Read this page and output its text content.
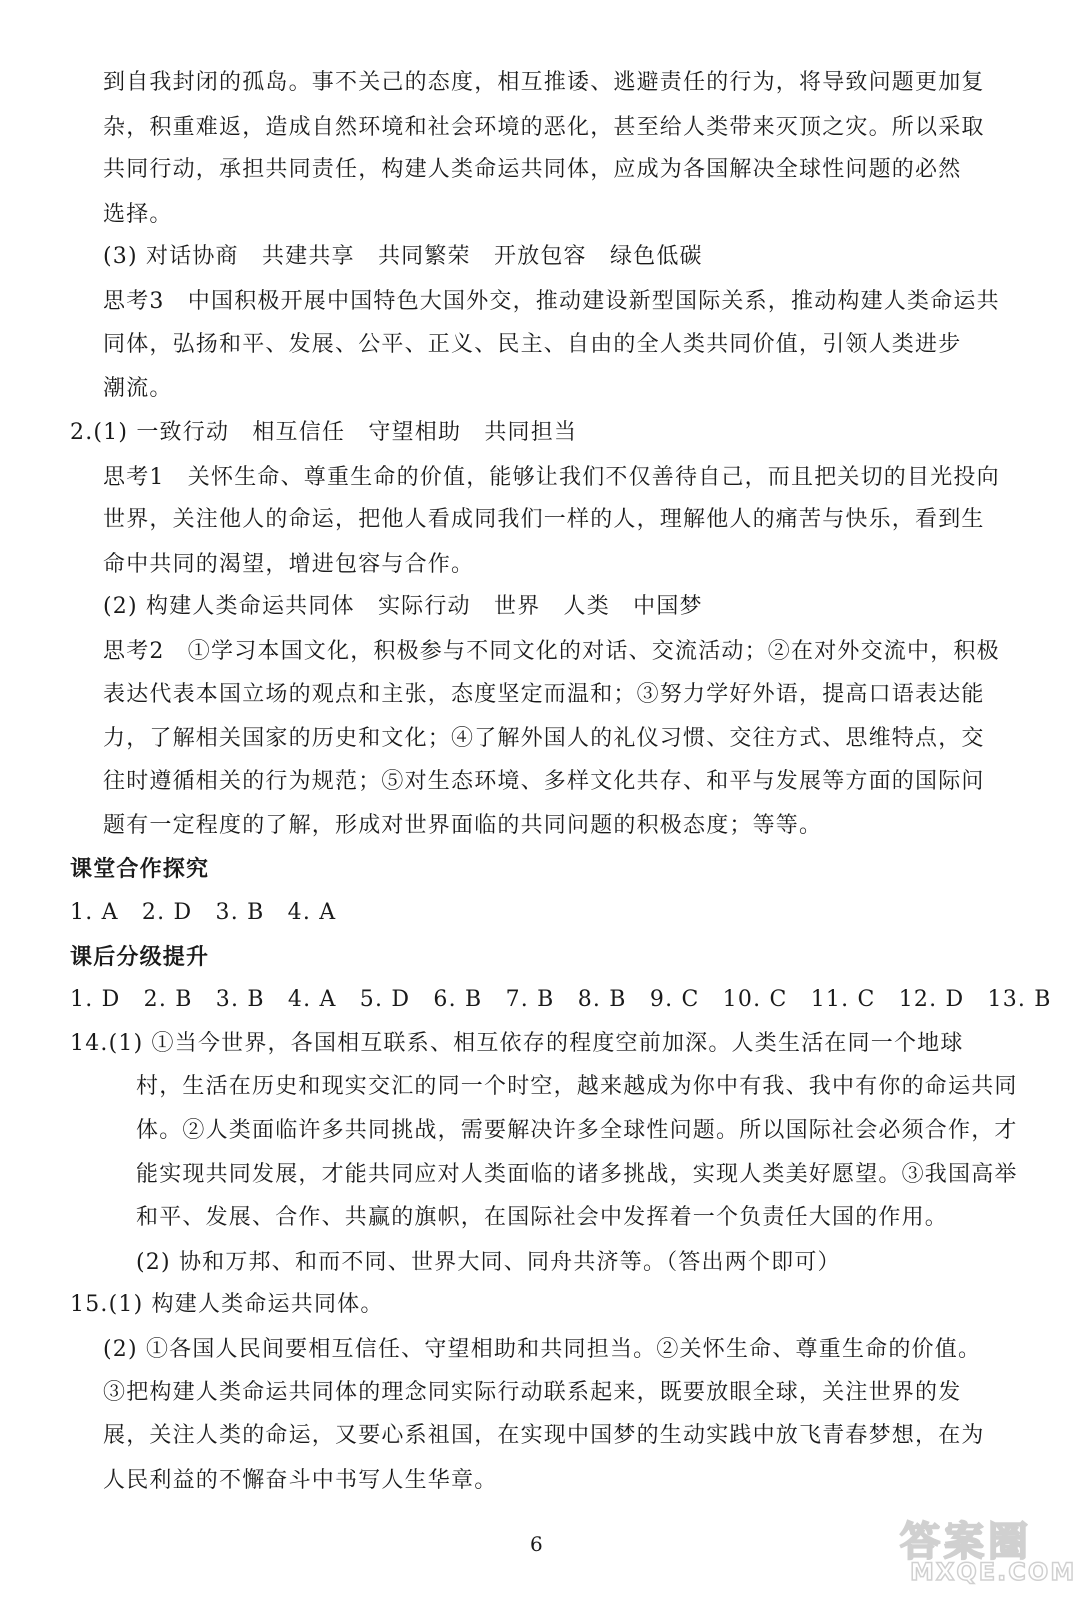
到自我封闭的孤岛。事不关己的态度，相互推诿、逃避责任的行为，将导致问题更加复
杂，积重难返，造成自然环境和社会环境的恶化，甚至给人类带来灭顶之灾。所以采取
共同行动，承担共同责任，构建人类命运共同体，应成为各国解决全球性问题的必然
选择。
(3) 对话协商　共建共享　共同繁荣　开放包容　绿色低碳
思考3　中国积极开展中国特色大国外交，推动建设新型国际关系，推动构建人类命运共
同体，弘扬和平、发展、公平、正义、民主、自由的全人类共同价值，引领人类进步
潮流。
2.(1) 一致行动　相互信任　守望相助　共同担当
思考1　关怀生命、尊重生命的价值，能够让我们不仅善待自己，而且把关切的目光投向
世界，关注他人的命运，把他人看成同我们一样的人，理解他人的痛苦与快乐，看到生
命中共同的渴望，增进包容与合作。
(2) 构建人类命运共同体　实际行动　世界　人类　中国梦
思考2　①学习本国文化，积极参与不同文化的对话、交流活动；②在对外交流中，积极
表达代表本国立场的观点和主张，态度坚定而温和；③努力学好外语，提高口语表达能
力，了解相关国家的历史和文化；④了解外国人的礼仪习惯、交往方式、思维特点，交
往时遵循相关的行为规范；⑤对生态环境、多样文化共存、和平与发展等方面的国际问
题有一定程度的了解，形成对世界面临的共同问题的积极态度；等等。
课堂合作探究
1. A　2. D　3. B　4. A
课后分级提升
1. D　2. B　3. B　4. A　5. D　6. B　7. B　8. B　9. C　10. C　11. C　12. D　13. B
14.(1) ①当今世界，各国相互联系、相互依存的程度空前加深。人类生活在同一个地球
村，生活在历史和现实交汇的同一个时空，越来越成为你中有我、我中有你的命运共同
体。②人类面临许多共同挑战，需要解决许多全球性问题。所以国际社会必须合作，才
能实现共同发展，才能共同应对人类面临的诸多挑战，实现人类美好愿望。③我国高举
和平、发展、合作、共赢的旗帜，在国际社会中发挥着一个负责任大国的作用。
(2) 协和万邦、和而不同、世界大同、同舟共济等。（答出两个即可）
15.(1) 构建人类命运共同体。
(2) ①各国人民间要相互信任、守望相助和共同担当。②关怀生命、尊重生命的价值。
③把构建人类命运共同体的理念同实际行动联系起来，既要放眼全球，关注世界的发
展，关注人类的命运，又要心系祖国，在实现中国梦的生动实践中放飞青春梦想，在为
人民利益的不懈奋斗中书写人生华章。
6	答案圈
MXQE.COM
